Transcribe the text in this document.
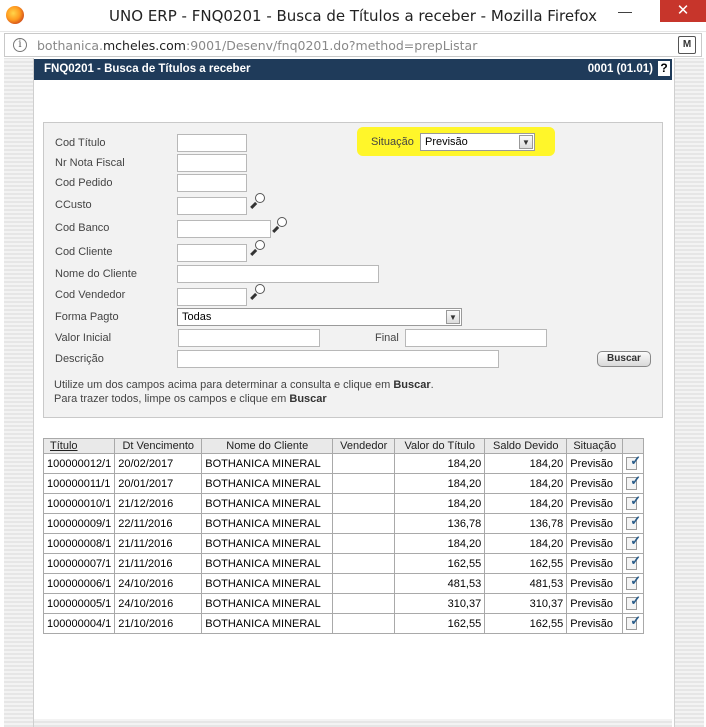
UNO ERP - FNQ0201 - Busca de Títulos a receber - Mozilla Firefox	—	✕
i	bothanica.mcheles.com:9001/Desenv/fnq0201.do?method=prepListar	M
FNQ0201 - Busca de Títulos a receber	0001 (01.01) ?
Cod Título
Nr Nota Fiscal
Cod Pedido
CCusto
Cod Banco
Cod Cliente
Nome do Cliente
Cod Vendedor
Forma Pagto	Todas	▼
Valor Inicial	Final
Descrição	Buscar
Utilize um dos campos acima para determinar a consulta e clique em Buscar.
Para trazer todos, limpe os campos e clique em Buscar
Situação	Previsão	▼
Título	Dt Vencimento	Nome do Cliente	Vendedor	Valor do Título	Saldo Devido	Situação	
100000012/1	20/02/2017	BOTHANICA MINERAL		184,20	184,20	Previsão	✓

100000011/1	20/01/2017	BOTHANICA MINERAL		184,20	184,20	Previsão	✓

100000010/1	21/12/2016	BOTHANICA MINERAL		184,20	184,20	Previsão	✓

100000009/1	22/11/2016	BOTHANICA MINERAL		136,78	136,78	Previsão	✓

100000008/1	21/11/2016	BOTHANICA MINERAL		184,20	184,20	Previsão	✓

100000007/1	21/11/2016	BOTHANICA MINERAL		162,55	162,55	Previsão	✓

100000006/1	24/10/2016	BOTHANICA MINERAL		481,53	481,53	Previsão	✓

100000005/1	24/10/2016	BOTHANICA MINERAL		310,37	310,37	Previsão	✓

100000004/1	21/10/2016	BOTHANICA MINERAL		162,55	162,55	Previsão	✓
